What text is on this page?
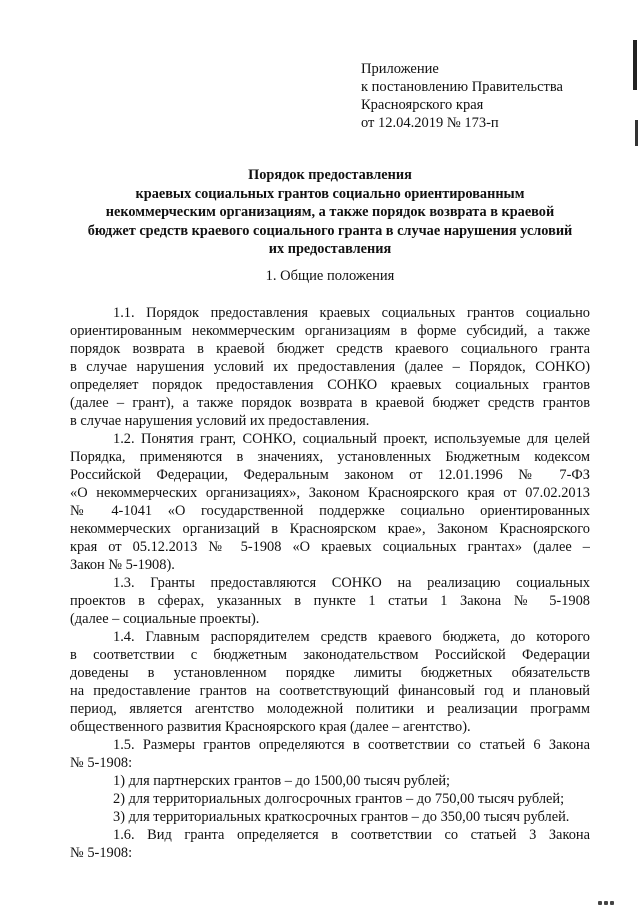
Приложение
к постановлению Правительства
Красноярского края
от 12.04.2019 № 173-п
Порядок предоставления
краевых социальных грантов социально ориентированным
некоммерческим организациям, а также порядок возврата в краевой
бюджет средств краевого социального гранта в случае нарушения условий
их предоставления
1. Общие положения
1.1. Порядок предоставления краевых социальных грантов социально
ориентированным некоммерческим организациям в форме субсидий, а также
порядок возврата в краевой бюджет средств краевого социального гранта
в случае нарушения условий их предоставления (далее – Порядок, СОНКО)
определяет порядок предоставления СОНКО краевых социальных грантов
(далее – грант), а также порядок возврата в краевой бюджет средств грантов
в случае нарушения условий их предоставления.
1.2. Понятия грант, СОНКО, социальный проект, используемые для целей
Порядка, применяются в значениях, установленных Бюджетным кодексом
Российской Федерации, Федеральным законом от 12.01.1996 № 7-ФЗ
«О некоммерческих организациях», Законом Красноярского края от 07.02.2013
№ 4-1041 «О государственной поддержке социально ориентированных
некоммерческих организаций в Красноярском крае», Законом Красноярского
края от 05.12.2013 № 5-1908 «О краевых социальных грантах» (далее –
Закон № 5-1908).
1.3. Гранты предоставляются СОНКО на реализацию социальных
проектов в сферах, указанных в пункте 1 статьи 1 Закона № 5-1908
(далее – социальные проекты).
1.4. Главным распорядителем средств краевого бюджета, до которого
в соответствии с бюджетным законодательством Российской Федерации
доведены в установленном порядке лимиты бюджетных обязательств
на предоставление грантов на соответствующий финансовый год и плановый
период, является агентство молодежной политики и реализации программ
общественного развития Красноярского края (далее – агентство).
1.5. Размеры грантов определяются в соответствии со статьей 6 Закона
№ 5-1908:
1) для партнерских грантов – до 1500,00 тысяч рублей;
2) для территориальных долгосрочных грантов – до 750,00 тысяч рублей;
3) для территориальных краткосрочных грантов – до 350,00 тысяч рублей.
1.6. Вид гранта определяется в соответствии со статьей 3 Закона
№ 5-1908:
